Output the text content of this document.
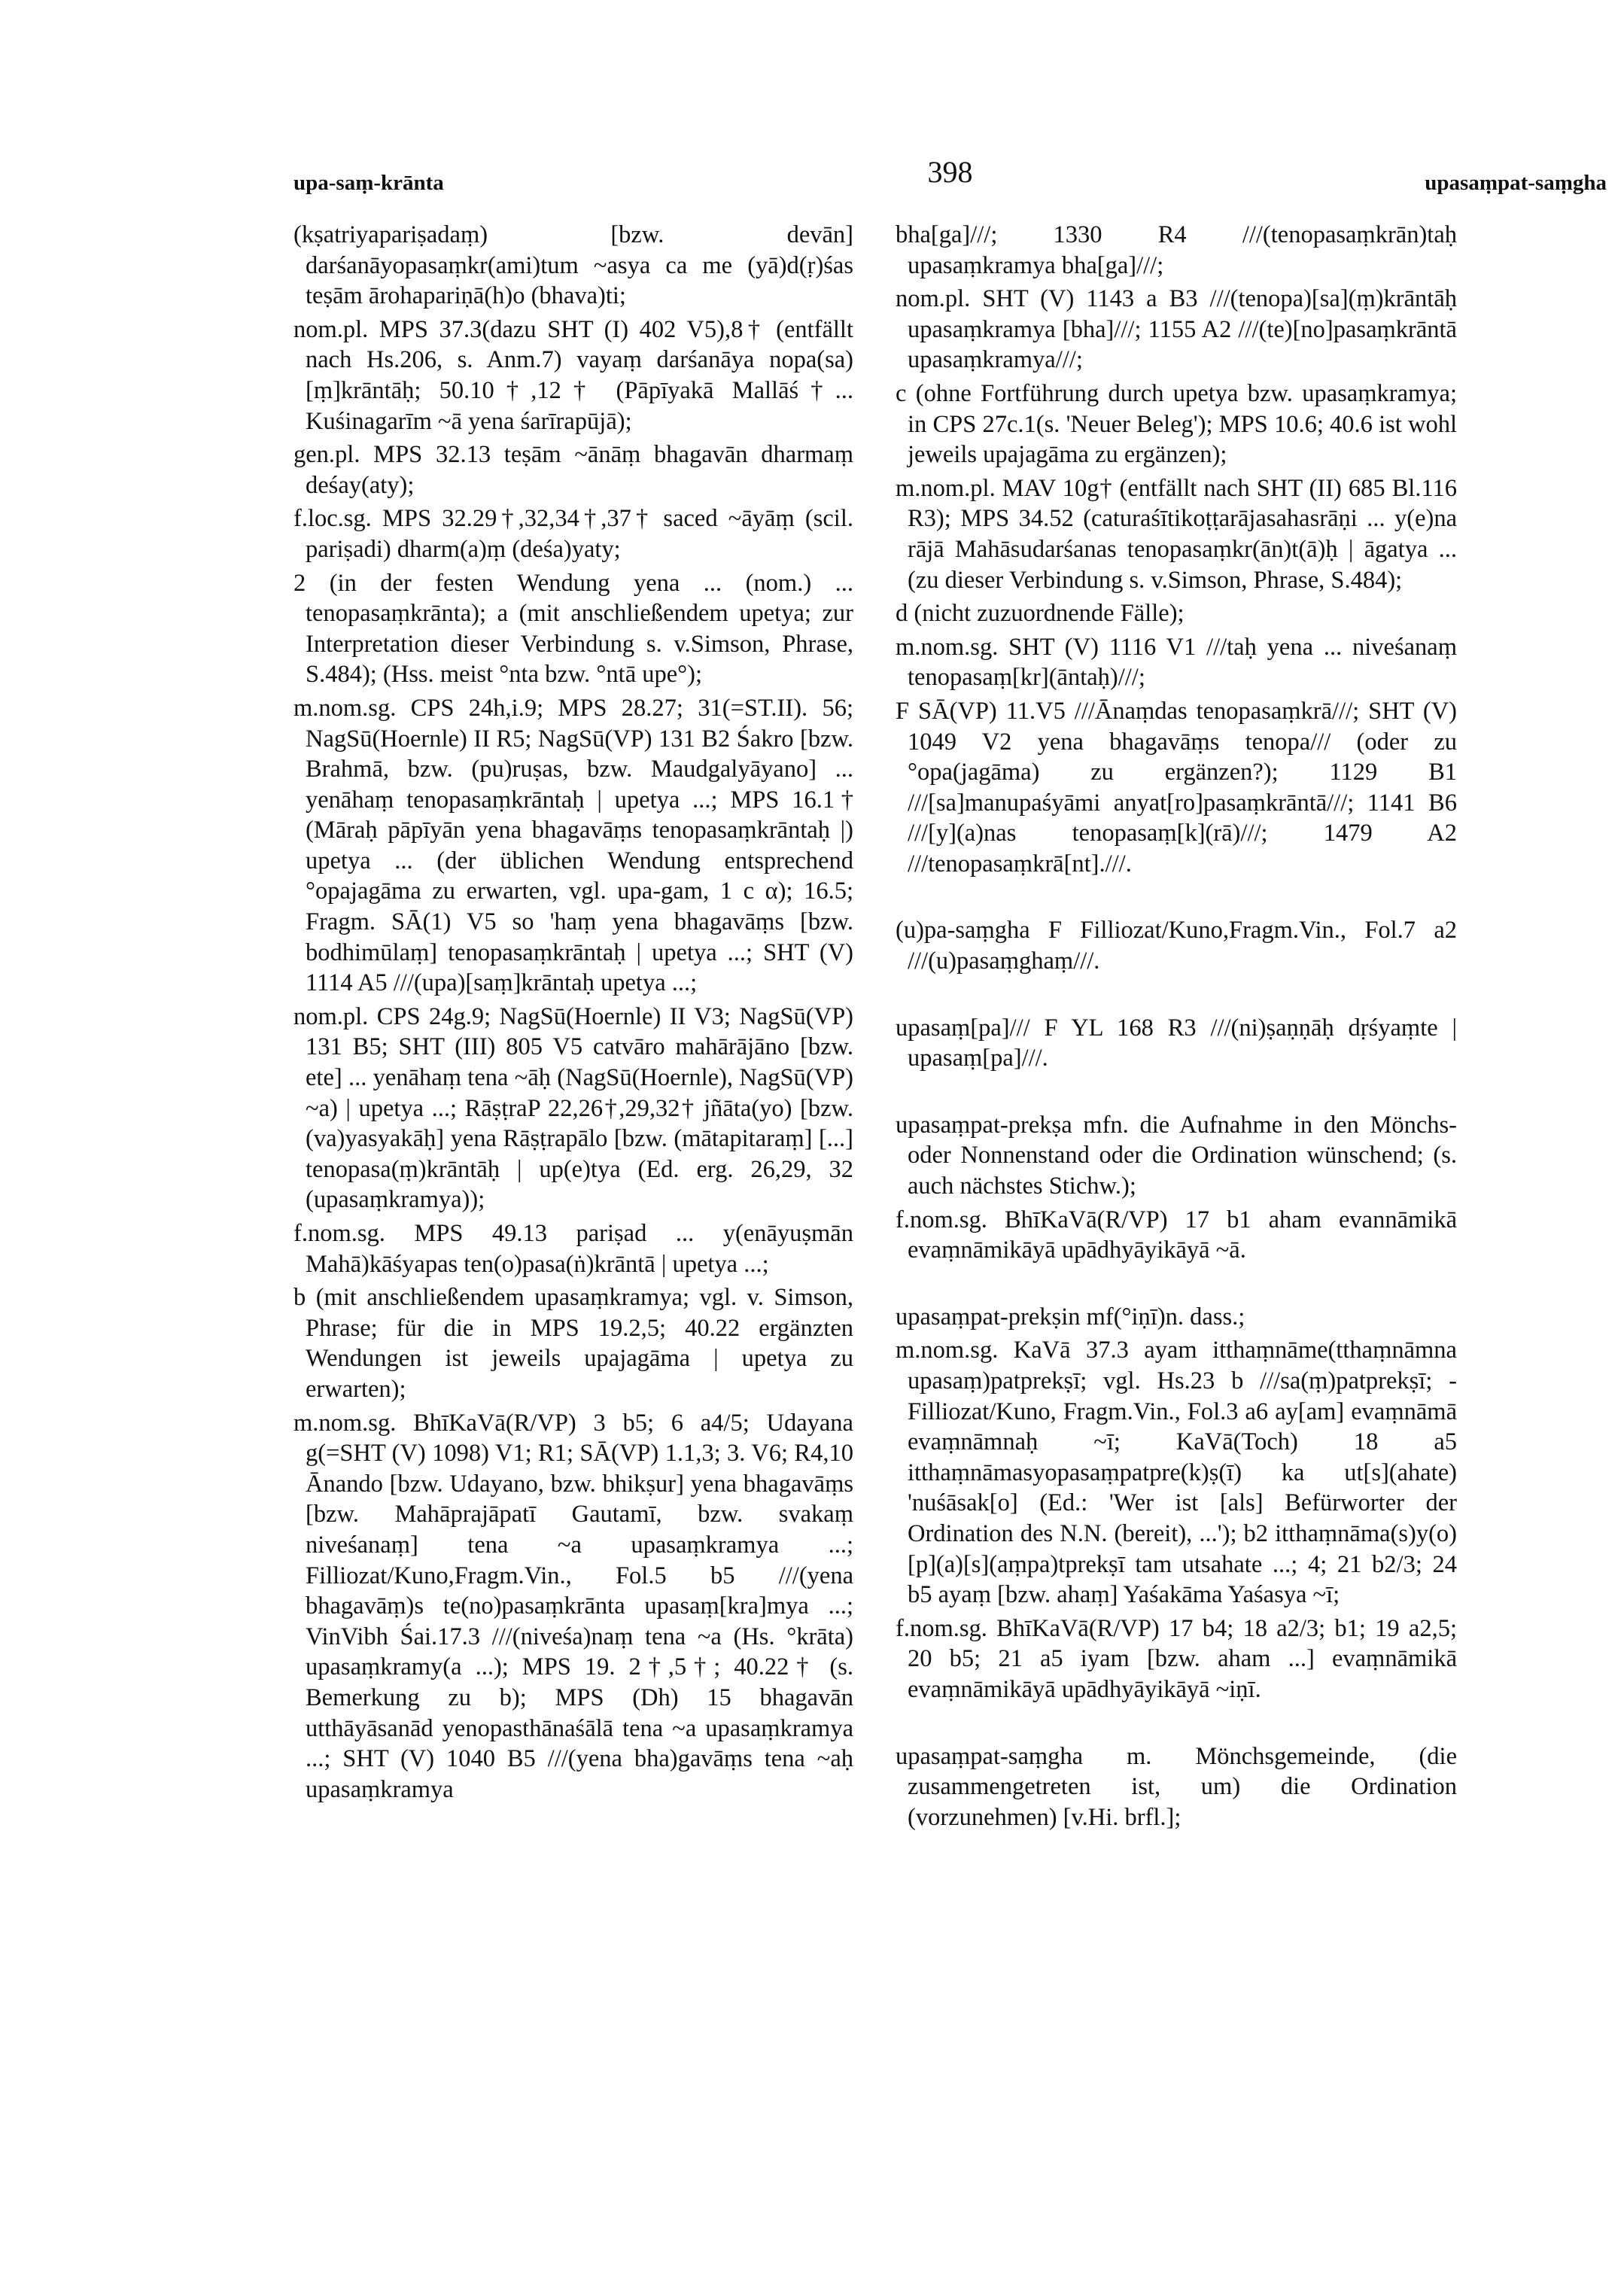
upa-saṃ-krānta	398	upasaṃpat-saṃgha

(kṣatriyapariṣadaṃ) [bzw. devān] darśanāyopasaṃkr(ami)tum ~asya ca me (yā)d(ṛ)śas teṣām ārohapariṇā(h)o (bhava)ti;

nom.pl. MPS 37.3(dazu SHT (I) 402 V5),8† (entfällt nach Hs.206, s. Anm.7) vayaṃ darśanāya nopa(sa)[ṃ]krāntāḥ; 50.10†,12† (Pāpīyakā Mallāś†... Kuśinagarīm ~ā yena śarīrapūjā);

gen.pl. MPS 32.13 teṣām ~ānāṃ bhagavān dharmaṃ deśay(aty);

f.loc.sg. MPS 32.29†,32,34†,37† saced ~āyāṃ (scil. pariṣadi) dharm(a)ṃ (deśa)yaty;

2 (in der festen Wendung yena ... (nom.) ... tenopasaṃkrānta); a (mit anschließendem upetya; zur Interpretation dieser Verbindung s. v.Simson, Phrase, S.484); (Hss. meist °nta bzw. °ntā upe°);

m.nom.sg. CPS 24h,i.9; MPS 28.27; 31(=ST.II). 56; NagSū(Hoernle) II R5; NagSū(VP) 131 B2 Śakro [bzw. Brahmā, bzw. (pu)ruṣas, bzw. Maudgalyāyano] ... yenāhaṃ tenopasaṃkrāntaḥ | upetya ...; MPS 16.1† (Māraḥ pāpīyān yena bhagavāṃs tenopasaṃkrāntaḥ |) upetya ... (der üblichen Wendung entsprechend °opajagāma zu erwarten, vgl. upa-gam, 1 c α); 16.5; Fragm. SĀ(1) V5 so 'haṃ yena bhagavāṃs [bzw. bodhimūlaṃ] tenopasaṃkrāntaḥ | upetya ...; SHT (V) 1114 A5 ///(upa)[saṃ]krāntaḥ upetya ...;

nom.pl. CPS 24g.9; NagSū(Hoernle) II V3; NagSū(VP) 131 B5; SHT (III) 805 V5 catvāro mahārājāno [bzw. ete] ... yenāhaṃ tena ~āḥ (NagSū(Hoernle), NagSū(VP) ~a) | upetya ...; RāṣṭraP 22,26†,29,32† jñāta(yo) [bzw. (va)yasyakāḥ] yena Rāṣṭrapālo [bzw. (mātapitaraṃ] [...] tenopasa(ṃ)krāntāḥ | up(e)tya (Ed. erg. 26,29, 32 (upasaṃkramya));

f.nom.sg. MPS 49.13 pariṣad ... y(enāyuṣmān Mahā)kāśyapas ten(o)pasa(ṅ)krāntā | upetya ...;

b (mit anschließendem upasaṃkramya; vgl. v. Simson, Phrase; für die in MPS 19.2,5; 40.22 ergänzten Wendungen ist jeweils upajagāma | upetya zu erwarten);

m.nom.sg. BhīKaVā(R/VP) 3 b5; 6 a4/5; Udayana g(=SHT (V) 1098) V1; R1; SĀ(VP) 1.1,3; 3. V6; R4,10 Ānando [bzw. Udayano, bzw. bhikṣur] yena bhagavāṃs [bzw. Mahāprajāpatī Gautamī, bzw. svakaṃ niveśanaṃ] tena ~a upasaṃkramya ...; Filliozat/Kuno,Fragm.Vin., Fol.5 b5 ///(yena bhagavāṃ)s te(no)pasaṃkrānta upasaṃ[kra]mya ...; VinVibh Śai.17.3 ///(niveśa)naṃ tena ~a (Hs. °krāta) upasaṃkramy(a ...); MPS 19. 2†,5†; 40.22† (s. Bemerkung zu b); MPS (Dh) 15 bhagavān utthāyāsanād yenopasthānaśālā tena ~a upasaṃkramya ...; SHT (V) 1040 B5 ///(yena bha)gavāṃs tena ~aḥ upasaṃkramya

bha[ga]///; 1330 R4 ///(tenopasaṃkrān)taḥ upasaṃkramya bha[ga]///;

nom.pl. SHT (V) 1143 a B3 ///(tenopa)[sa](ṃ)krāntāḥ upasaṃkramya [bha]///; 1155 A2 ///(te)[no]pasaṃkrāntā upasaṃkramya///;

c (ohne Fortführung durch upetya bzw. upasaṃkramya; in CPS 27c.1(s. 'Neuer Beleg'); MPS 10.6; 40.6 ist wohl jeweils upajagāma zu ergänzen);

m.nom.pl. MAV 10g† (entfällt nach SHT (II) 685 Bl.116 R3); MPS 34.52 (caturaśītikoṭṭarājasahasrāṇi ... y(e)na rājā Mahāsudarśanas tenopasaṃkr(ān)t(ā)ḥ | āgatya ... (zu dieser Verbindung s. v.Simson, Phrase, S.484);

d (nicht zuzuordnende Fälle);

m.nom.sg. SHT (V) 1116 V1 ///taḥ yena ... niveśanaṃ tenopasaṃ[kr](āntaḥ)///;

F SĀ(VP) 11.V5 ///Ānaṃdas tenopasaṃkrā///; SHT (V) 1049 V2 yena bhagavāṃs tenopa/// (oder zu °opa(jagāma) zu ergänzen?); 1129 B1 ///[sa]manupaśyāmi anyat[ro]pasaṃkrāntā///; 1141 B6 ///[y](a)nas tenopasaṃ[k](rā)///; 1479 A2 ///tenopasaṃkrā[nt].///.

(u)pa-saṃgha F Filliozat/Kuno,Fragm.Vin., Fol.7 a2 ///(u)pasaṃghaṃ///.

upasaṃ[pa]/// F YL 168 R3 ///(ni)ṣaṇṇāḥ dṛśyaṃte | upasaṃ[pa]///.

upasaṃpat-prekṣa mfn. die Aufnahme in den Mönchs- oder Nonnenstand oder die Ordination wünschend; (s. auch nächstes Stichw.);

f.nom.sg. BhīKaVā(R/VP) 17 b1 aham evannāmikā evaṃnāmikāyā upādhyāyikāyā ~ā.

upasaṃpat-prekṣin mf(°iṇī)n. dass.;

m.nom.sg. KaVā 37.3 ayam itthaṃnāme(tthaṃnāmna upasaṃ)patprekṣī; vgl. Hs.23 b ///sa(ṃ)patprekṣī; - Filliozat/Kuno, Fragm.Vin., Fol.3 a6 ay[am] evaṃnāmā evaṃnāmnaḥ ~ī; KaVā(Toch) 18 a5 itthaṃnāmasyopasaṃpatpre(k)ṣ(ī) ka ut[s](ahate) 'nuśāsak[o] (Ed.: 'Wer ist [als] Befürworter der Ordination des N.N. (bereit), ...'); b2 itthaṃnāma(s)y(o)[p](a)[s](aṃpa)tprekṣī tam utsahate ...; 4; 21 b2/3; 24 b5 ayaṃ [bzw. ahaṃ] Yaśakāma Yaśasya ~ī;

f.nom.sg. BhīKaVā(R/VP) 17 b4; 18 a2/3; b1; 19 a2,5; 20 b5; 21 a5 iyam [bzw. aham ...] evaṃnāmikā evaṃnāmikāyā upādhyāyikāyā ~iṇī.

upasaṃpat-saṃgha m. Mönchsgemeinde, (die zusammengetreten ist, um) die Ordination (vorzunehmen) [v.Hi. brfl.];
